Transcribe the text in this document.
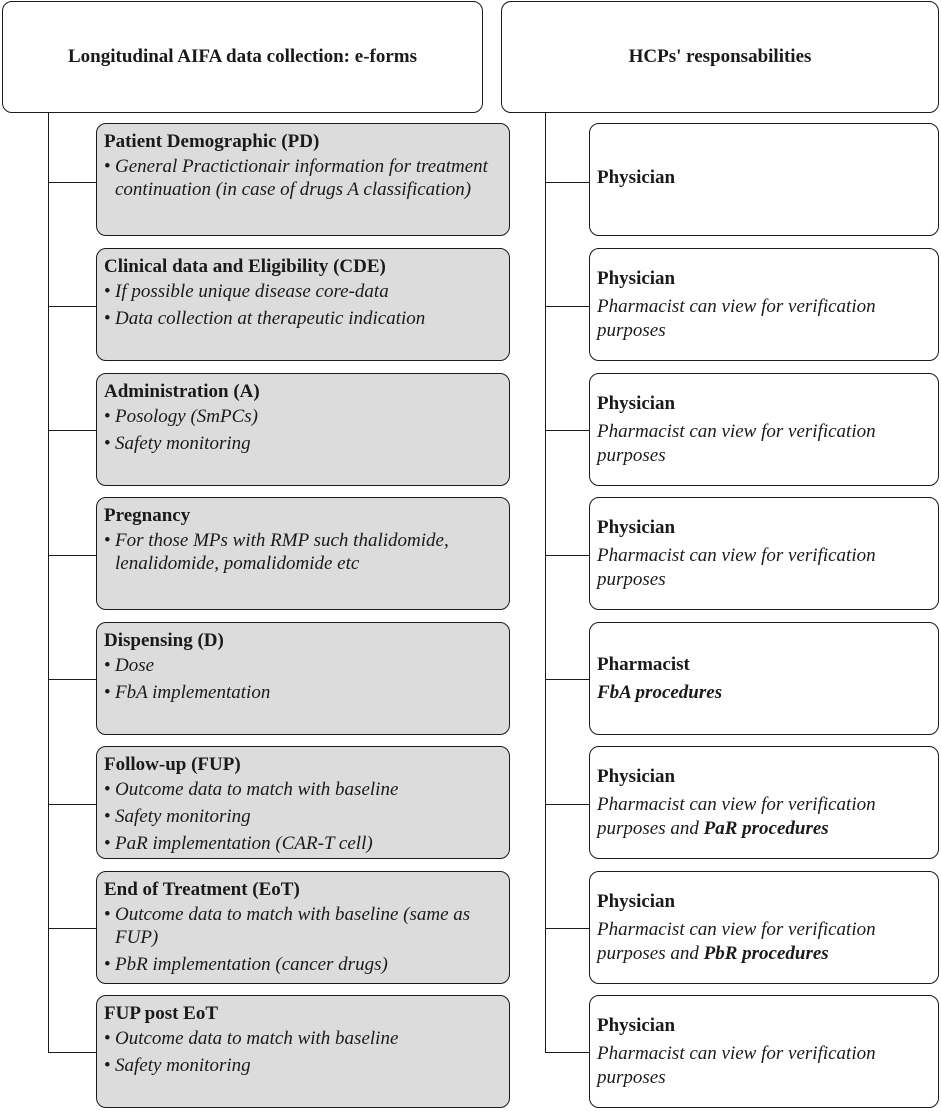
Longitudinal AIFA data collection: e-forms	HCPs' responsabilities
Patient Demographic (PD)
• General Practictionair information for treatment continuation (in case of drugs A classification)
Clinical data and Eligibility (CDE)
• If possible unique disease core-data
• Data collection at therapeutic indication
Administration (A)
• Posology (SmPCs)
• Safety monitoring
Pregnancy
• For those MPs with RMP such thalidomide, lenalidomide, pomalidomide etc
Dispensing (D)
• Dose
• FbA implementation
Follow-up (FUP)
• Outcome data to match with baseline
• Safety monitoring
• PaR implementation (CAR-T cell)
End of Treatment (EoT)
• Outcome data to match with baseline (same as FUP)
• PbR implementation (cancer drugs)
FUP post EoT
• Outcome data to match with baseline
• Safety monitoring
Physician
Physician
Pharmacist can view for verification purposes
Physician
Pharmacist can view for verification purposes
Physician
Pharmacist can view for verification purposes
Pharmacist
FbA procedures
Physician
Pharmacist can view for verification purposes and PaR procedures
Physician
Pharmacist can view for verification purposes and PbR procedures
Physician
Pharmacist can view for verification purposes
